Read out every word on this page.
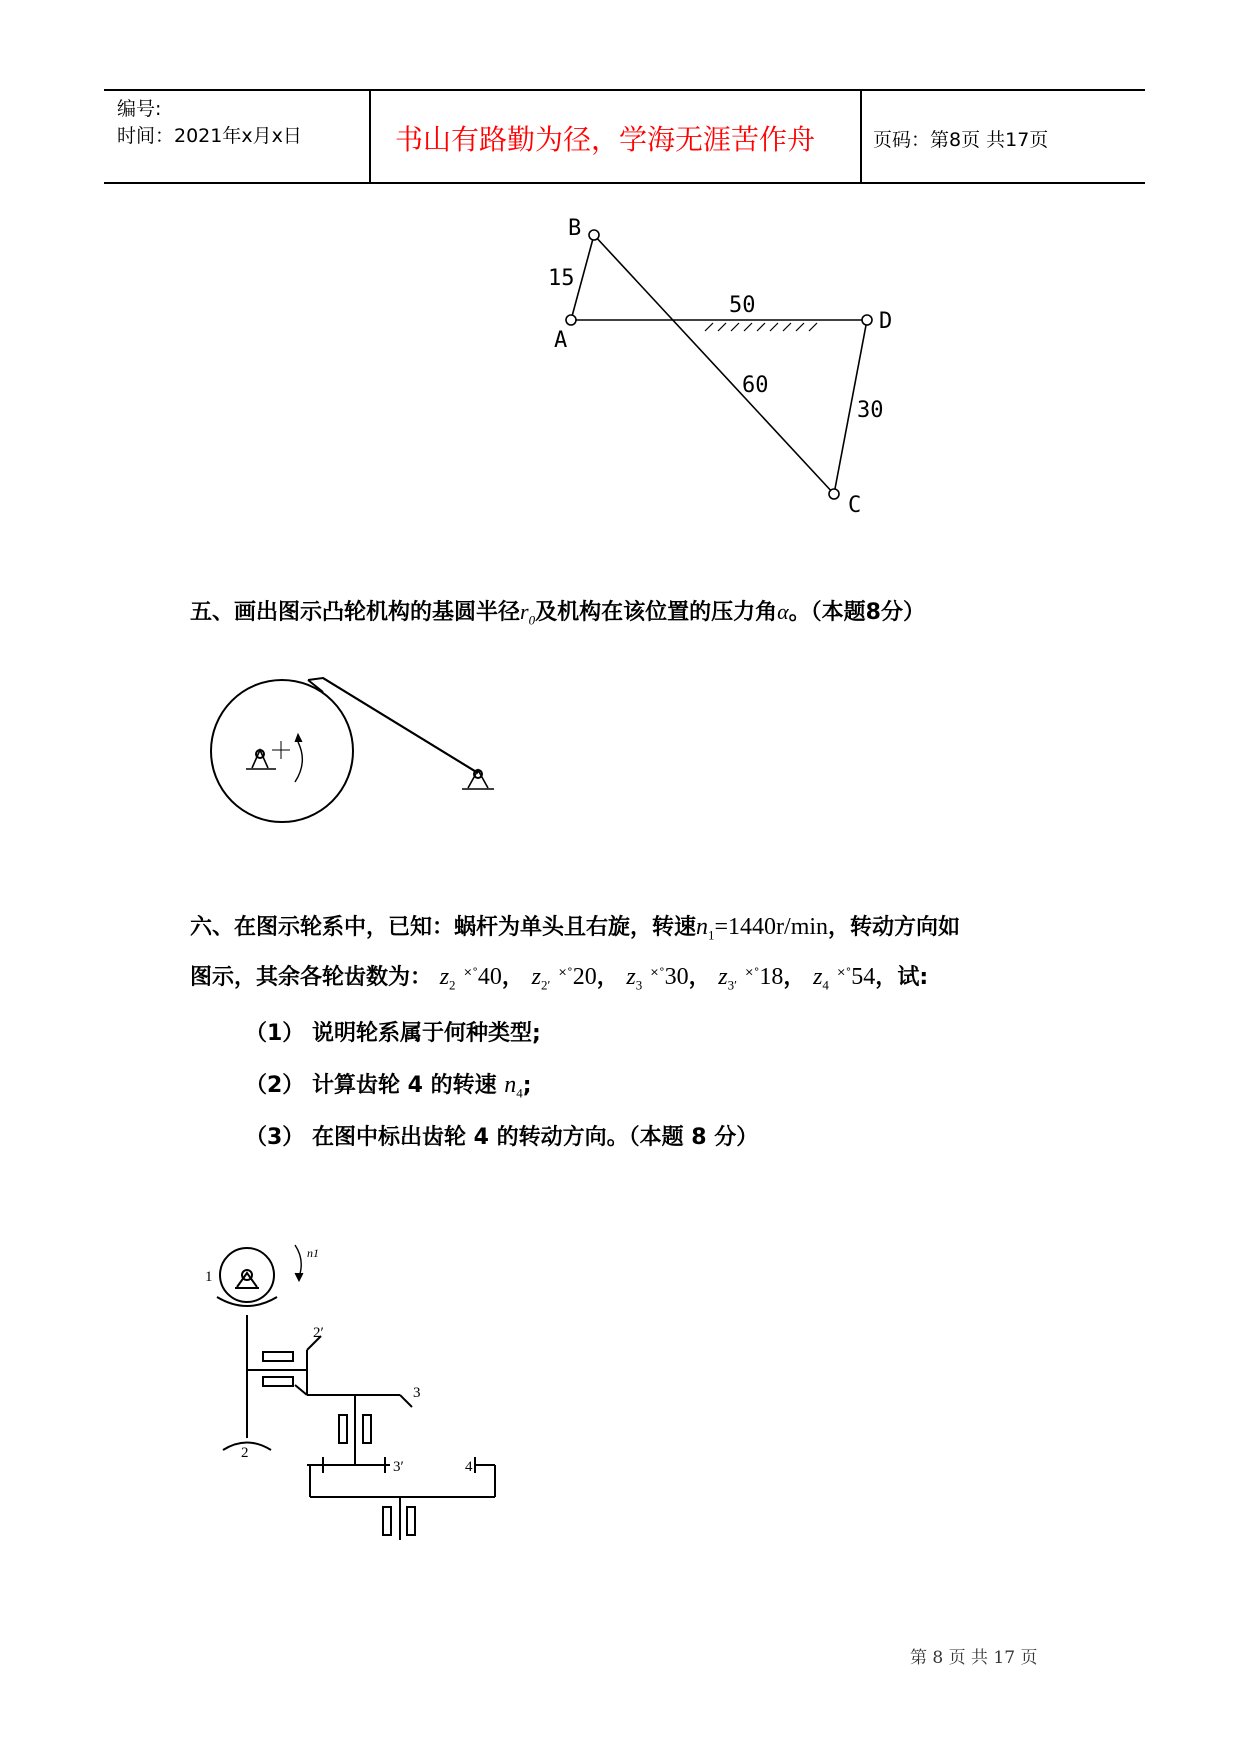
编号:
时间：2021年x月x日	书山有路勤为径，学海无涯苦作舟	页码：第8页 共17页
B
A
D
C
15
50
60
30
五、画出图示凸轮机构的基圆半径$r_0$及机构在该位置的压力角α。（本题8分）
六、在图示轮系中，已知：蜗杆为单头且右旋，转速$n_1=1440r/\min$，转动方向如
图示，其余各轮齿数为： $z_2$ ×°40， $z_{2'}$ ×°20， $z_3$ ×°30， $z_{3'}$ ×°18， $z_4$ ×°54，试:
（1） 说明轮系属于何种类型;
（2） 计算齿轮 4 的转速 $n_4$;
（3） 在图中标出齿轮 4 的转动方向。（本题 8 分）
1
n1
2′
3
2
3′	4
第 8 页 共 17 页
